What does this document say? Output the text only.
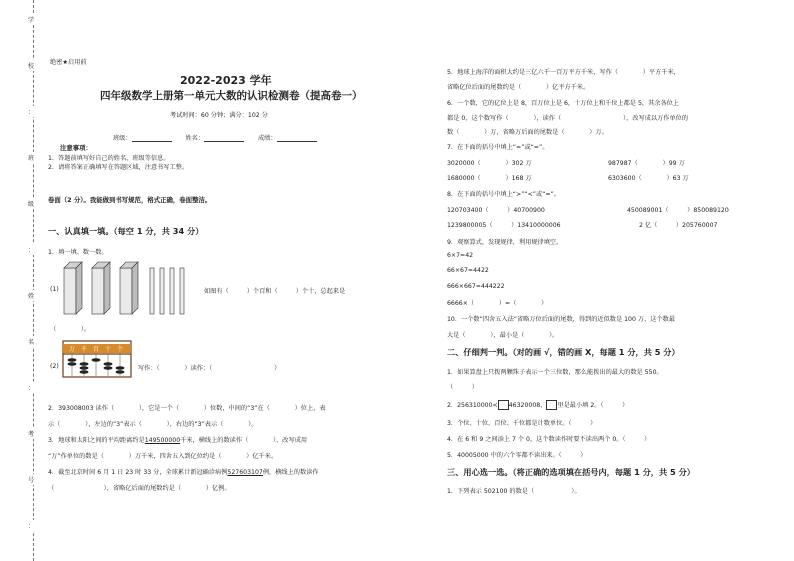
学
校
：
班
级
：
姓
名
：
考
号
：
绝密★启用前
2022-2023 学年
四年级数学上册第一单元大数的认识检测卷（提高卷一）
考试时间：60 分钟；满分：102 分
班级：	姓名：	成绩：
注意事项：
1．答题前填写好自己的姓名、班级等信息。
2．请将答案正确填写在答题区域，注意书写工整。
卷面（2 分）。我能做到书写规范，格式正确，卷面整洁。
一、认真填一填。（每空 1 分，共 34 分）
1．填一填、数一数。
(1)	如图有（	）个百和（	）个十，总起来是
（　　　　）。
万 千 百 十 个
(2)	写作：（　　　　）读作：（　　　　　　　　　　）
2．393008003 读作（　　　　），它是一个（　　　　）位数，中间的“3”在（　　　　）位上，表
示（　　　　），左边的“3”表示（　　　　），右边的“3”表示（　　　　）。
3．地球和太阳之间的平均距离约是149500000千米，横线上的数读作（　　　　），改写成用
“万”作单位的数是（　　　　）万千米，四舍五入到亿位约是（　　　　）亿千米。
4．截至北京时间 6 月 1 日 23 时 33 分，全球累计新冠确诊病例527603107例，横线上的数读作
（　　　　　　　　），省略亿后面的尾数约是（　　　　）亿例。
5．地球上海洋的面积大约是三亿六千一百万平方千米，写作（　　　　）平方千米，
省略亿位后面的尾数约是（　　　　）亿平方千米。
6．一个数，它的亿位上是 8，百万位上是 6，十万位上和千位上都是 5，其余各位上
都是 0，这个数写作（　　　　），读作（　　　　　　　　　　），改写成以万作单位的
数（　　　　）万，省略万后面的尾数是（　　　　）万。
7．在下面的括号中填上“≈”或“=”。
3020000（　　　　）302 万	987987（　　　　）99 万
1680000（　　　　）168 万	6303600（　　　　）63 万
8．在下面的括号中填上“>”“<”或“=”。
120703400（　　　）40700900	450089001（　　　）850089120
1239800005（　　　）13410000006	2 亿（　　　）205760007
9．观察算式，发现规律，利用规律填空。
6×7=42
66×67=4422
666×667=444222
6666×（　　　　）=（　　　　）
10．一个数“四舍五入法”省略万位后面的尾数，得到的近似数是 100 万，这个数最
大是（　　　　），最小是（　　　　）。
二、仔细判一判。（对的画 √，错的画 X，每题 1 分，共 5 分）
1．如果算盘上只拨两颗珠子表示一个三位数，那么能拨出的最大的数是 550。
（　　　）
2．256310000< 46320008， 里是最小填 2。（　　　）
3．个位、十位、百位、千位都是计数单位。（　　　）
4．在 6 和 9 之间添上 7 个 0，这个数读作时要不读出两个 0。（　　　）
5．40005000 中的六个零都不读出来。（　　　）
三、用心选一选。（将正确的选项填在括号内，每题 1 分，共 5 分）
1．下列表示 502100 的数是（　　　　　　）。
